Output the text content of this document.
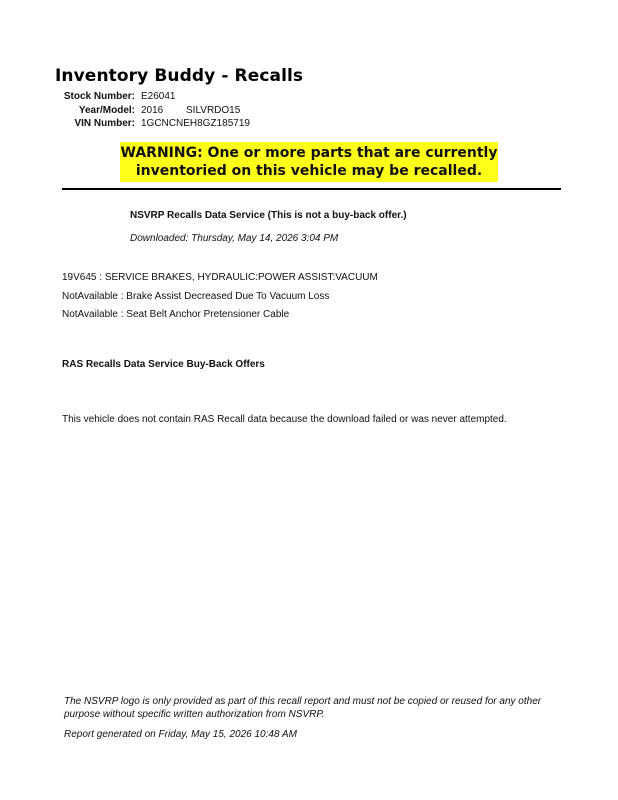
Inventory Buddy - Recalls
Stock Number: E26041
Year/Model: 2016	SILVRDO15
VIN Number: 1GCNCNEH8GZ185719
WARNING: One or more parts that are currently
inventoried on this vehicle may be recalled.
NSVRP Recalls Data Service (This is not a buy-back offer.)
Downloaded: Thursday, May 14, 2026 3:04 PM
19V645 : SERVICE BRAKES, HYDRAULIC:POWER ASSIST:VACUUM
NotAvailable : Brake Assist Decreased Due To Vacuum Loss
NotAvailable : Seat Belt Anchor Pretensioner Cable
RAS Recalls Data Service Buy-Back Offers
This vehicle does not contain RAS Recall data because the download failed or was never attempted.
The NSVRP logo is only provided as part of this recall report and must not be copied or reused for any other purpose without specific written authorization from NSVRP.
Report generated on Friday, May 15, 2026 10:48 AM
